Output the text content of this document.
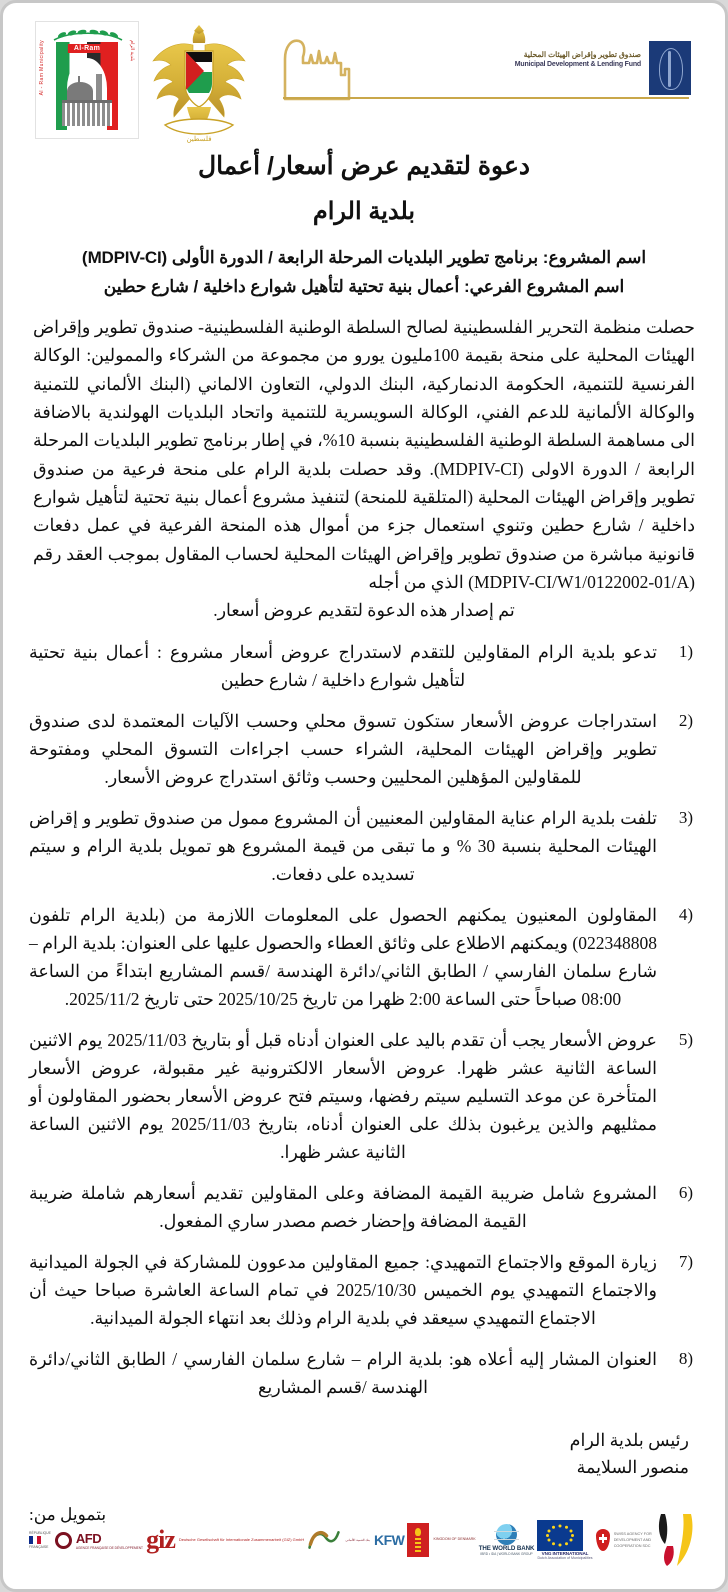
Al - Ram Municipality	بلدية الرام
Al-Ram
فلسطين
صندوق تطوير وإقراض الهيئات المحلية
Municipal Development & Lending Fund
دعوة لتقديم عرض أسعار/ أعمال
بلدية الرام

اسم المشروع: برنامج تطوير البلديات المرحلة الرابعة / الدورة الأولى (MDPIV-CI)

اسم المشروع الفرعي: أعمال بنية تحتية لتأهيل شوارع داخلية / شارع حطين

حصلت منظمة التحرير الفلسطينية لصالح السلطة الوطنية الفلسطينية- صندوق تطوير وإقراض الهيئات المحلية على منحة بقيمة 100مليون يورو من مجموعة من الشركاء والممولين: الوكالة الفرنسية للتنمية، الحكومة الدنماركية، البنك الدولي، التعاون الالماني (البنك الألماني للتمنية والوكالة الألمانية للدعم الفني، الوكالة السويسرية للتنمية واتحاد البلديات الهولندية بالاضافة الى مساهمة السلطة الوطنية الفلسطينية بنسبة 10%، في إطار برنامج تطوير البلديات المرحلة الرابعة / الدورة الاولى (MDPIV-CI). وقد حصلت بلدية الرام على منحة فرعية من صندوق تطوير وإقراض الهيئات المحلية (المتلقية للمنحة) لتنفيذ مشروع أعمال بنية تحتية لتأهيل شوارع داخلية / شارع حطين وتنوي استعمال جزء من أموال هذه المنحة الفرعية في عمل دفعات قانونية مباشرة من صندوق تطوير وإقراض الهيئات المحلية لحساب المقاول بموجب العقد رقم (MDPIV-CI/W1/0122002-01/A) الذي من أجله
تم إصدار هذه الدعوة لتقديم عروض أسعار.
تدعو بلدية الرام المقاولين للتقدم لاستدراج عروض أسعار مشروع : أعمال بنية تحتية لتأهيل شوارع داخلية / شارع حطين
استدراجات عروض الأسعار ستكون تسوق محلي وحسب الآليات المعتمدة لدى صندوق تطوير وإقراض الهيئات المحلية، الشراء حسب اجراءات التسوق المحلي ومفتوحة للمقاولين المؤهلين المحليين وحسب وثائق استدراج عروض الأسعار.
تلفت بلدية الرام عناية المقاولين المعنيين أن المشروع ممول من صندوق تطوير و إقراض الهيئات المحلية بنسبة 30 % و ما تبقى من قيمة المشروع هو تمويل بلدية الرام و سيتم تسديده على دفعات.
المقاولون المعنيون يمكنهم الحصول على المعلومات اللازمة من (بلدية الرام تلفون 022348808) ويمكنهم الاطلاع على وثائق العطاء والحصول عليها على العنوان: بلدية الرام – شارع سلمان الفارسي / الطابق الثاني/دائرة الهندسة /قسم المشاريع ابتداءً من الساعة 08:00 صباحاً حتى الساعة 2:00 ظهرا من تاريخ 2025/10/25 حتى تاريخ 2025/11/2.
عروض الأسعار يجب أن تقدم باليد على العنوان أدناه قبل أو بتاريخ 2025/11/03 يوم الاثنين الساعة الثانية عشر ظهرا. عروض الأسعار الالكترونية غير مقبولة، عروض الأسعار المتأخرة عن موعد التسليم سيتم رفضها، وسيتم فتح عروض الأسعار بحضور المقاولون أو ممثليهم والذين يرغبون بذلك على العنوان أدناه، بتاريخ 2025/11/03 يوم الاثنين الساعة الثانية عشر ظهرا.
المشروع شامل ضريبة القيمة المضافة وعلى المقاولين تقديم أسعارهم شاملة ضريبة القيمة المضافة وإحضار خصم مصدر ساري المفعول.
زيارة الموقع والاجتماع التمهيدي: جميع المقاولين مدعوون للمشاركة في الجولة الميدانية والاجتماع التمهيدي يوم الخميس 2025/10/30 في تمام الساعة العاشرة صباحا حيث أن الاجتماع التمهيدي سيعقد في بلدية الرام وذلك بعد انتهاء الجولة الميدانية.
العنوان المشار إليه أعلاه هو: بلدية الرام – شارع سلمان الفارسي / الطابق الثاني/دائرة الهندسة /قسم المشاريع
رئيس بلدية الرام
منصور السلايمة
بتمويل من:
RÉPUBLIQUE
FRANÇAISE
AFD
AGENCE FRANÇAISE DE DÉVELOPPEMENT giz Deutsche Gesellschaft für Internationale Zusammenarbeit (GIZ) GmbH	بنك التنمية الألماني KFW	KINGDOM OF DENMARK
THE WORLD BANK
IBRD • IDA | WORLD BANK GROUP	VNG INTERNATIONAL
Dutch Association of Municipalities
SWISS AGENCY FOR
DEVELOPMENT AND
COOPERATION SDC
